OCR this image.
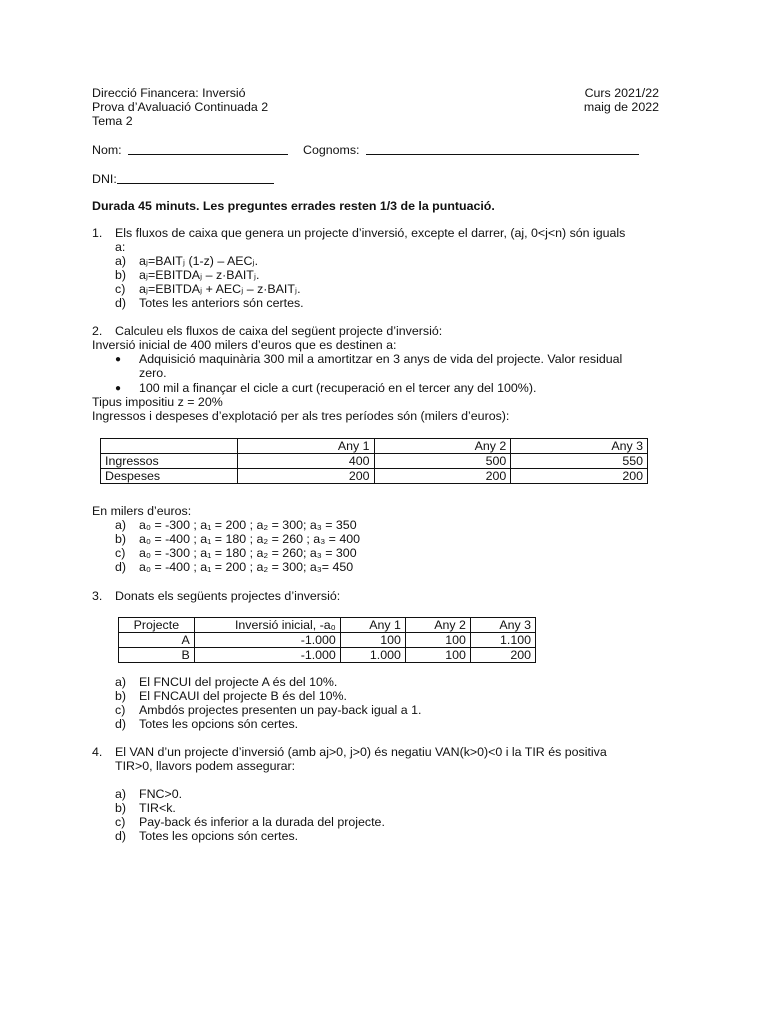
Direcció Financera: Inversió
Prova d’Avaluació Continuada 2
Tema 2
Curs 2021/22
maig de 2022
Nom:	Cognoms:
DNI:
Durada 45 minuts. Les preguntes errades resten 1/3 de la puntuació.
1. Els fluxos de caixa que genera un projecte d’inversió, excepte el darrer, (aj, 0<j<n) són iguals
a:
a) aⱼ=BAITⱼ (1-z) – AECⱼ.
b) aⱼ=EBITDAⱼ – z·BAITⱼ.
c) aⱼ=EBITDAⱼ + AECⱼ – z·BAITⱼ.
d) Totes les anteriors són certes.
2. Calculeu els fluxos de caixa del següent projecte d’inversió:
Inversió inicial de 400 milers d’euros que es destinen a:
● Adquisició maquinària 300 mil a amortitzar en 3 anys de vida del projecte. Valor residual
zero.
● 100 mil a finançar el cicle a curt (recuperació en el tercer any del 100%).
Tipus impositiu z = 20%
Ingressos i despeses d’explotació per als tres períodes són (milers d’euros):
	Any 1	Any 2	Any 3
Ingressos	400	500	550
Despeses	200	200	200
En milers d’euros:
a) a₀ = -300 ; a₁ = 200 ; a₂ = 300; a₃ = 350
b) a₀ = -400 ; a₁ = 180 ; a₂ = 260 ; a₃ = 400
c) a₀ = -300 ; a₁ = 180 ; a₂ = 260; a₃ = 300
d) a₀ = -400 ; a₁ = 200 ; a₂ = 300; a₃= 450
3. Donats els següents projectes d’inversió:
Projecte	Inversió inicial, -a₀	Any 1	Any 2	Any 3
A	-1.000	100	100	1.100
B	-1.000	1.000	100	200
a) El FNCUI del projecte A és del 10%.
b) El FNCAUI del projecte B és del 10%.
c) Ambdós projectes presenten un pay-back igual a 1.
d) Totes les opcions són certes.
4. El VAN d’un projecte d’inversió (amb aj>0, j>0) és negatiu VAN(k>0)<0 i la TIR és positiva
TIR>0, llavors podem assegurar:
a) FNC>0.
b) TIR<k.
c) Pay-back és inferior a la durada del projecte.
d) Totes les opcions són certes.
